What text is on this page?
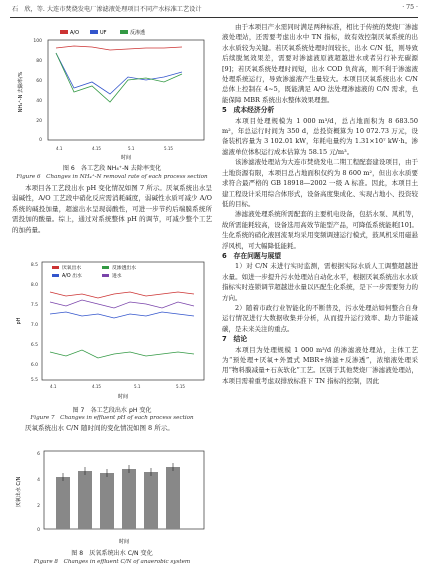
石　欣，等. 大连市焚烧发电厂渗滤液处理项目不同产水标准工艺设计	· 75 ·
A/O	UF	反渗透
100
80
60
40
20
0
4.1	4.15	5.1	5.15
NH₄⁺-N 去除率/%
时间
图 6　各工艺段 NH₄⁺-N 去除率变化
Figure 6　Changes in NH₄⁺-N removal rate of each process section

本项目各工艺段出水 pH 变化情况如图 7 所示。厌氧系统出水呈弱碱性，A/O 工艺段中硝化反应需消耗碱度，弱碱性水质可减少 A/O 系统的碱投加量，超滤出水呈现弱酸性，可进一步节约后端膜系统所需投加的酸量。综上，通过对系统整体 pH 的调节，可减少整个工艺的加药量。

厌氧出水
A/O 出水
反渗透出水
进水
8.5
8.0
7.5
7.0
6.5
6.0
5.5
4.1	4.15	5.1	5.15
pH
时间
图 7　各工艺段出水 pH 变化
Figure 7　Changes in effluent pH of each process section

厌氧系统出水 C/N 随时间的变化情况如图 8 所示。

6
4
2
0
厌氧出水 C/N
时间
图 8　厌氧系统出水 C/N 变化
Figure 8　Changes in effluent C/N of anaerobic system

由于本项目产水需同时满足两种标准，相比于传统的焚烧厂渗滤液处理站，还需要考虑出水中 TN 指标，故有效控制厌氧系统的出水水质较为关键。若厌氧系统处理时间较长，出水 C/N 低，则导致后续脱氮效果差，需要对渗滤液原液超越进水或者另行补充碳源[9]；若厌氧系统处理时间短，出水 COD 负荷高，则不利于渗滤液处理系统运行，导致渗滤液产生量较大。本项目厌氧系统出水 C/N 总体上控制在 4~5，既能满足 A/O 法处理渗滤液的 C/N 需求，也能保障 MBR 系统出水整体效果理想。

5　成本经济分析

本项目处理规模为 1 000 m³/d，总占地面积为 8 683.50 m²，年总运行时间为 350 d，总投资概算为 10 072.73 万元，设备装机容量为 3 102.01 kW，年耗电量约为 1.31×10⁷ kW·h。渗滤液单位体积运行成本估算为 58.15 元/m³。

该渗滤液处理站为大连市焚烧发电二期工程配套建设项目，由于土地资源有限，本项目总占地面积仅约为 8 600 m²，但出水水质要求符合最严格的 GB 18918—2002 一级 A 标准。因此，本项目土建工程设计采用综合体形式，设备高度集成化、实现占地小、投资较低的目标。

渗滤液处理系统所需配套的主要机电设备，包括水泵、风机等，故所需能耗较高，设备选用高效节能型产品，可降低系统能耗[10]。生化系统的硝化液回流泵均采用变频调速运行模式，鼓风机采用磁悬浮风机，可大幅降低能耗。

6　存在问题与展望

1）对 C/N 未进行实时监测，需根据实际水质人工调整超越进水量。如进一步提升污水处理站自动化水平，根据厌氧系统出水水质指标实时连锁调节超越进水量以匹配生化系统，是下一步需要努力的方向。

2）随着市政行业智能化的不断普及，污水处理站如何整合自身运行情况进行大数据收集并分析，从而提升运行效率、助力节能减碳，是未来关注的重点。

7　结论

本项目为处理规模 1 000 m³/d 的渗滤液处理站，主体工艺为“预处理+厌氧+外置式 MBR+纳滤+反渗透”，浓缩液处理采用“物料膜减量+石灰软化”工艺。区别于其他焚烧厂渗滤液处理站，本项目需着重考虑双排放标准下 TN 指标的控制，因此
